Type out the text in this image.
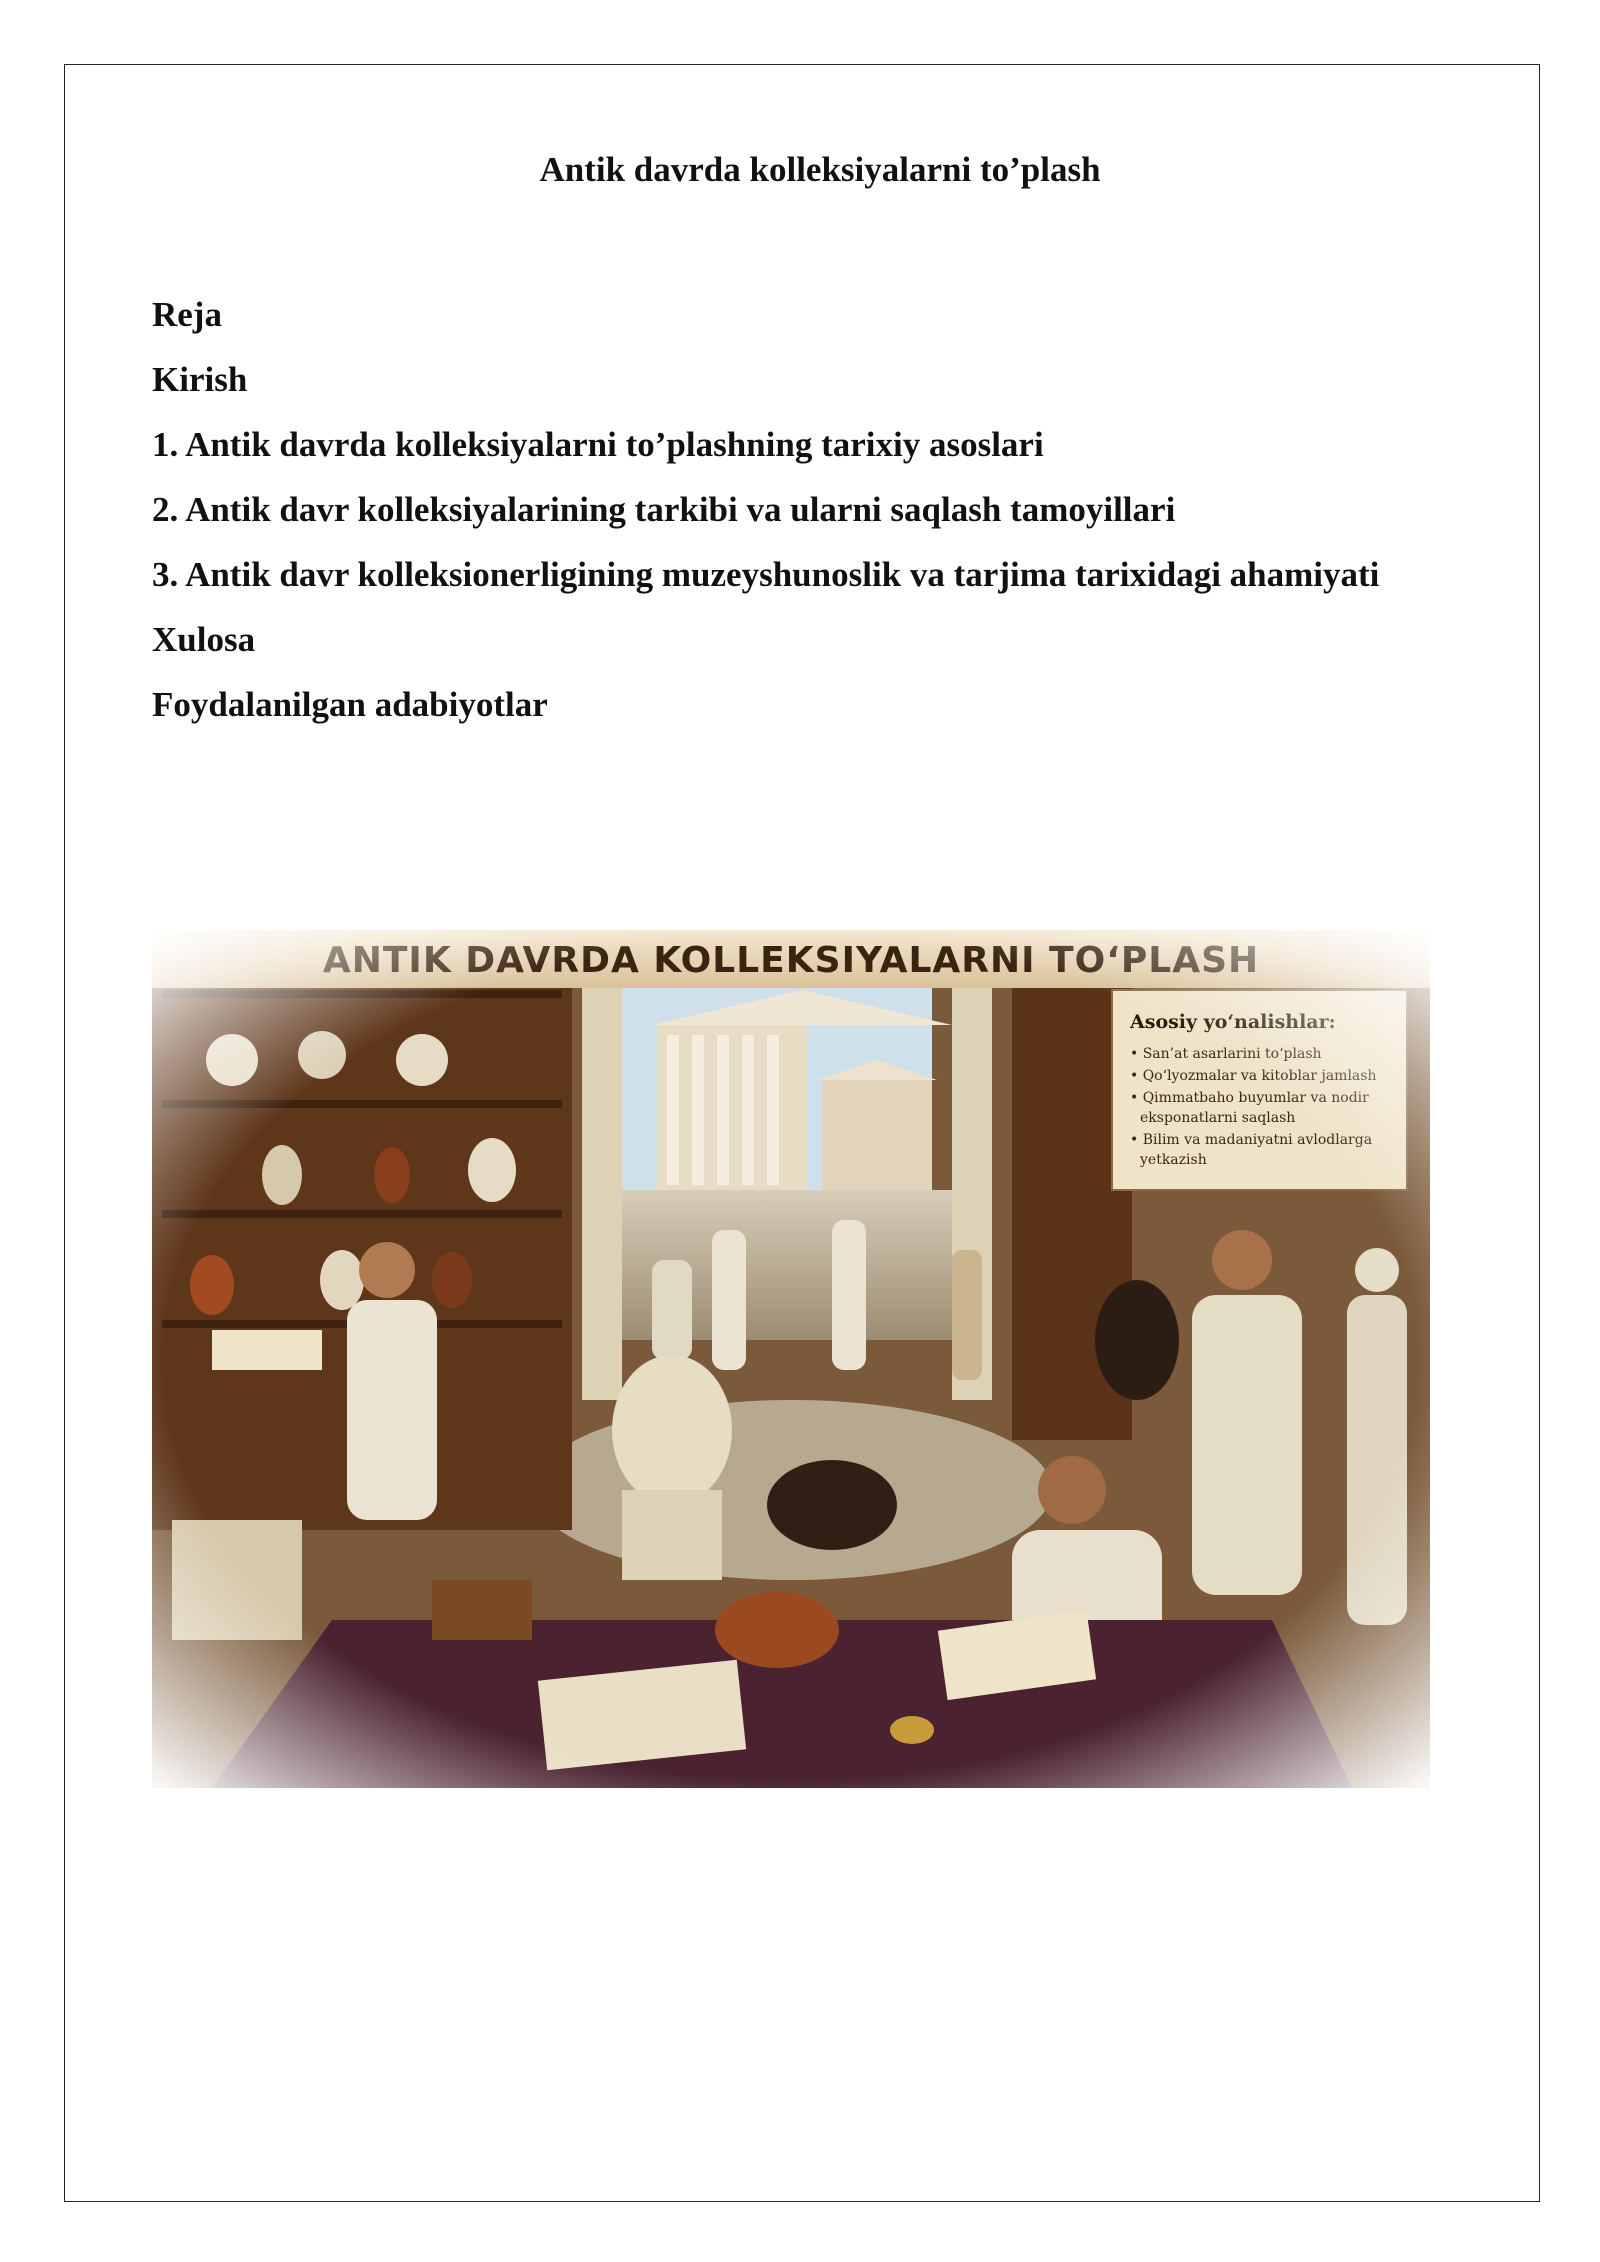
Antik davrda kolleksiyalarni to’plash
Reja
Kirish
1. Antik davrda kolleksiyalarni to’plashning tarixiy asoslari
2. Antik davr kolleksiyalarining tarkibi va ularni saqlash tamoyillari
3. Antik davr kolleksionerligining muzeyshunoslik va tarjima tarixidagi ahamiyati
Xulosa
Foydalanilgan adabiyotlar
